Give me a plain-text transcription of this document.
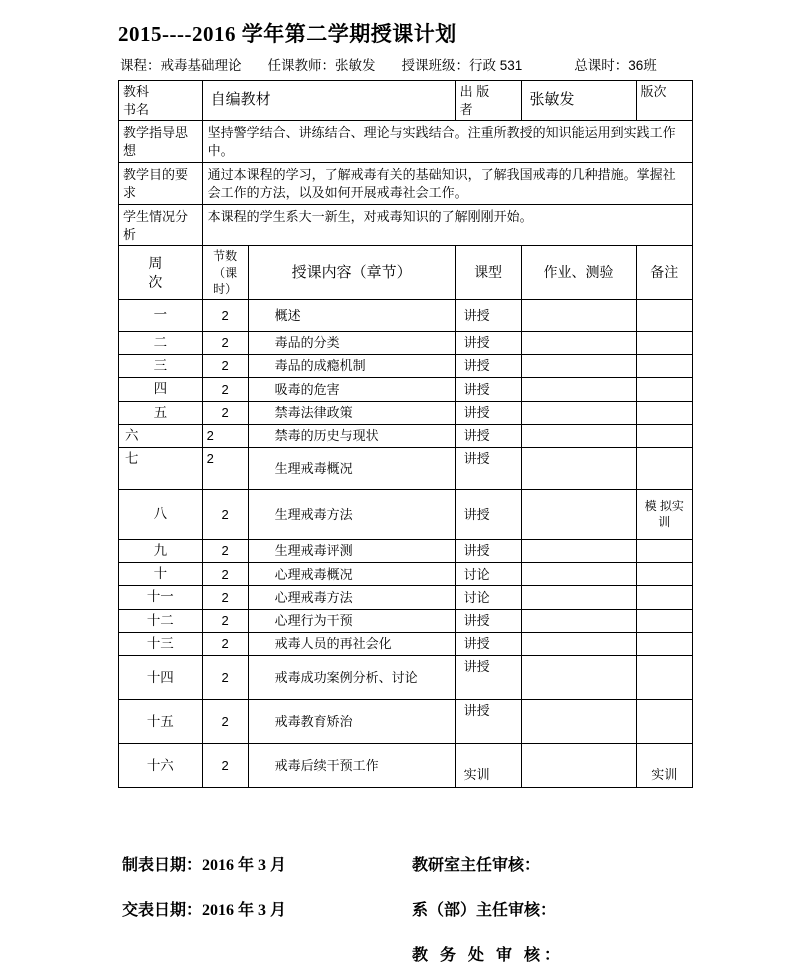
2015----2016 学年第二学期授课计划
课程：戒毒基础理论 任课教师：张敏发 授课班级：行政 531	总课时：36班
教科书名	自编教材		出 版 者	张敏发	版次

教学指导思想	坚持警学结合、讲练结合、理论与实践结合。注重所教授的知识能运用到实践工作中。				

教学目的要求	通过本课程的学习，了解戒毒有关的基础知识，了解我国戒毒的几种措施。掌握社会工作的方法，以及如何开展戒毒社会工作。				

学生情况分析	本课程的学生系大一新生，对戒毒知识的了解刚刚开始。				

周次	节数（课时）	授课内容（章节）	课型	作业、测验	备注
一	2	概述	讲授		
二	2	毒品的分类	讲授		
三	2	毒品的成瘾机制	讲授		
四	2	吸毒的危害	讲授		
五	2	禁毒法律政策	讲授		
六	2	禁毒的历史与现状	讲授		
七	2	生理戒毒概况	讲授		
八	2	生理戒毒方法	讲授		模 拟实 训
九	2	生理戒毒评测	讲授		
十	2	心理戒毒概况	讨论		
十一	2	心理戒毒方法	讨论		
十二	2	心理行为干预	讲授		
十三	2	戒毒人员的再社会化	讲授		
十四	2	戒毒成功案例分析、讨论	讲授		
十五	2	戒毒教育矫治	讲授		
十六	2	戒毒后续干预工作	实训		实训
制表日期：2016 年 3 月	教研室主任审核：
交表日期：2016 年 3 月	系（部）主任审核：
教 务 处 审 核：
